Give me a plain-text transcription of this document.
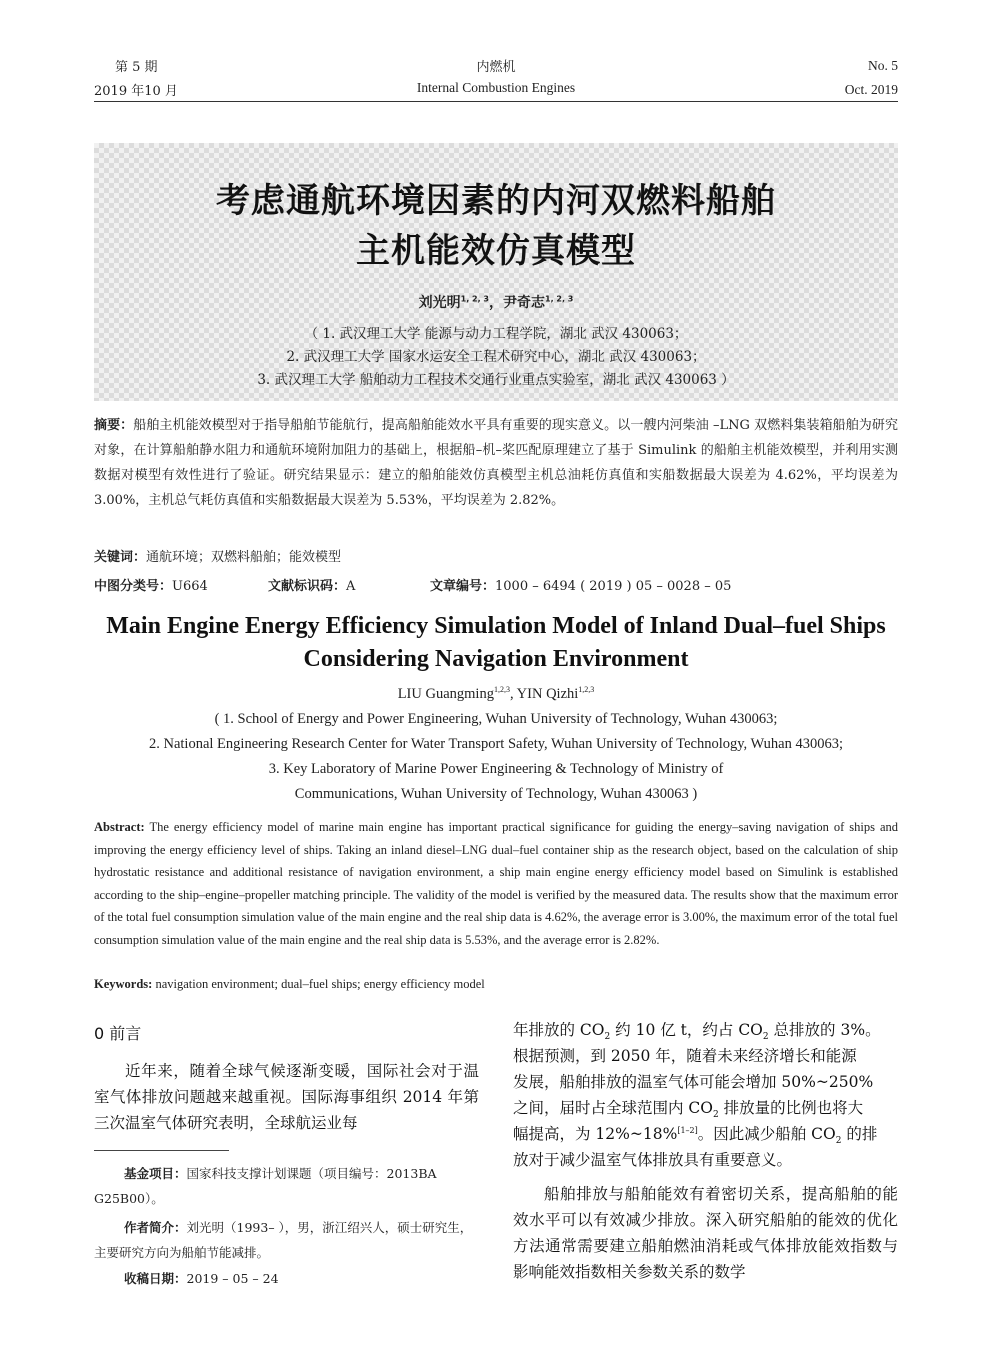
第 5 期
2019 年10 月
内燃机
Internal Combustion Engines
No. 5
Oct. 2019
考虑通航环境因素的内河双燃料船舶
主机能效仿真模型
刘光明$^{1, 2, 3}$，尹奇志$^{1, 2, 3}$
（ 1. 武汉理工大学 能源与动力工程学院，湖北 武汉 430063；
2. 武汉理工大学 国家水运安全工程术研究中心，湖北 武汉 430063；
3. 武汉理工大学 船舶动力工程技术交通行业重点实验室，湖北 武汉 430063 ）
摘要：船舶主机能效模型对于指导船舶节能航行，提高船舶能效水平具有重要的现实意义。以一艘内河柴油 –LNG 双燃料集装箱船舶为研究对象，在计算船舶静水阻力和通航环境附加阻力的基础上，根据船–机–桨匹配原理建立了基于 Simulink 的船舶主机能效模型，并利用实测数据对模型有效性进行了验证。研究结果显示：建立的船舶能效仿真模型主机总油耗仿真值和实船数据最大误差为 4.62%，平均误差为 3.00%，主机总气耗仿真值和实船数据最大误差为 5.53%，平均误差为 2.82%。
关键词：通航环境；双燃料船舶；能效模型
中图分类号：U664	文献标识码：A	文章编号：1000 – 6494 ( 2019 ) 05 – 0028 – 05
Main Engine Energy Efficiency Simulation Model of Inland Dual–fuel Ships
Considering Navigation Environment
LIU Guangming$^{1,2,3}$, YIN Qizhi$^{1,2,3}$
( 1. School of Energy and Power Engineering, Wuhan University of Technology, Wuhan 430063;
2. National Engineering Research Center for Water Transport Safety, Wuhan University of Technology, Wuhan 430063;
3. Key Laboratory of Marine Power Engineering & Technology of Ministry of
Communications, Wuhan University of Technology, Wuhan 430063 )
Abstract: The energy efficiency model of marine main engine has important practical significance for guiding the energy–saving navigation of ships and improving the energy efficiency level of ships. Taking an inland diesel–LNG dual–fuel container ship as the research object, based on the calculation of ship hydrostatic resistance and additional resistance of navigation environment, a ship main engine energy efficiency model based on Simulink is established according to the ship–engine–propeller matching principle. The validity of the model is verified by the measured data. The results show that the maximum error of the total fuel consumption simulation value of the main engine and the real ship data is 4.62%, the average error is 3.00%, the maximum error of the total fuel consumption simulation value of the main engine and the real ship data is 5.53%, and the average error is 2.82%.
Keywords: navigation environment; dual–fuel ships; energy efficiency model
0 前言
近年来，随着全球气候逐渐变暖，国际社会对于温室气体排放问题越来越重视。国际海事组织 2014 年第三次温室气体研究表明，全球航运业每
基金项目：国家科技支撑计划课题（项目编号：2013BA G25B00）。
作者简介：刘光明（1993– ），男，浙江绍兴人，硕士研究生，主要研究方向为船舶节能减排。
收稿日期：2019 – 05 – 24
年排放的 $CO_2$ 约 10 亿 t，约占 $CO_2$ 总排放的 3%。
根据预测，到 2050 年，随着未来经济增长和能源
发展，船舶排放的温室气体可能会增加 50%~250%
之间，届时占全球范围内 $CO_2$ 排放量的比例也将大
幅提高，为 12%~18%[1–2]。因此减少船舶 $CO_2$ 的排
放对于减少温室气体排放具有重要意义。
船舶排放与船舶能效有着密切关系，提高船舶的能效水平可以有效减少排放。深入研究船舶的能效的优化方法通常需要建立船舶燃油消耗或气体排放能效指数与影响能效指数相关参数关系的数学
